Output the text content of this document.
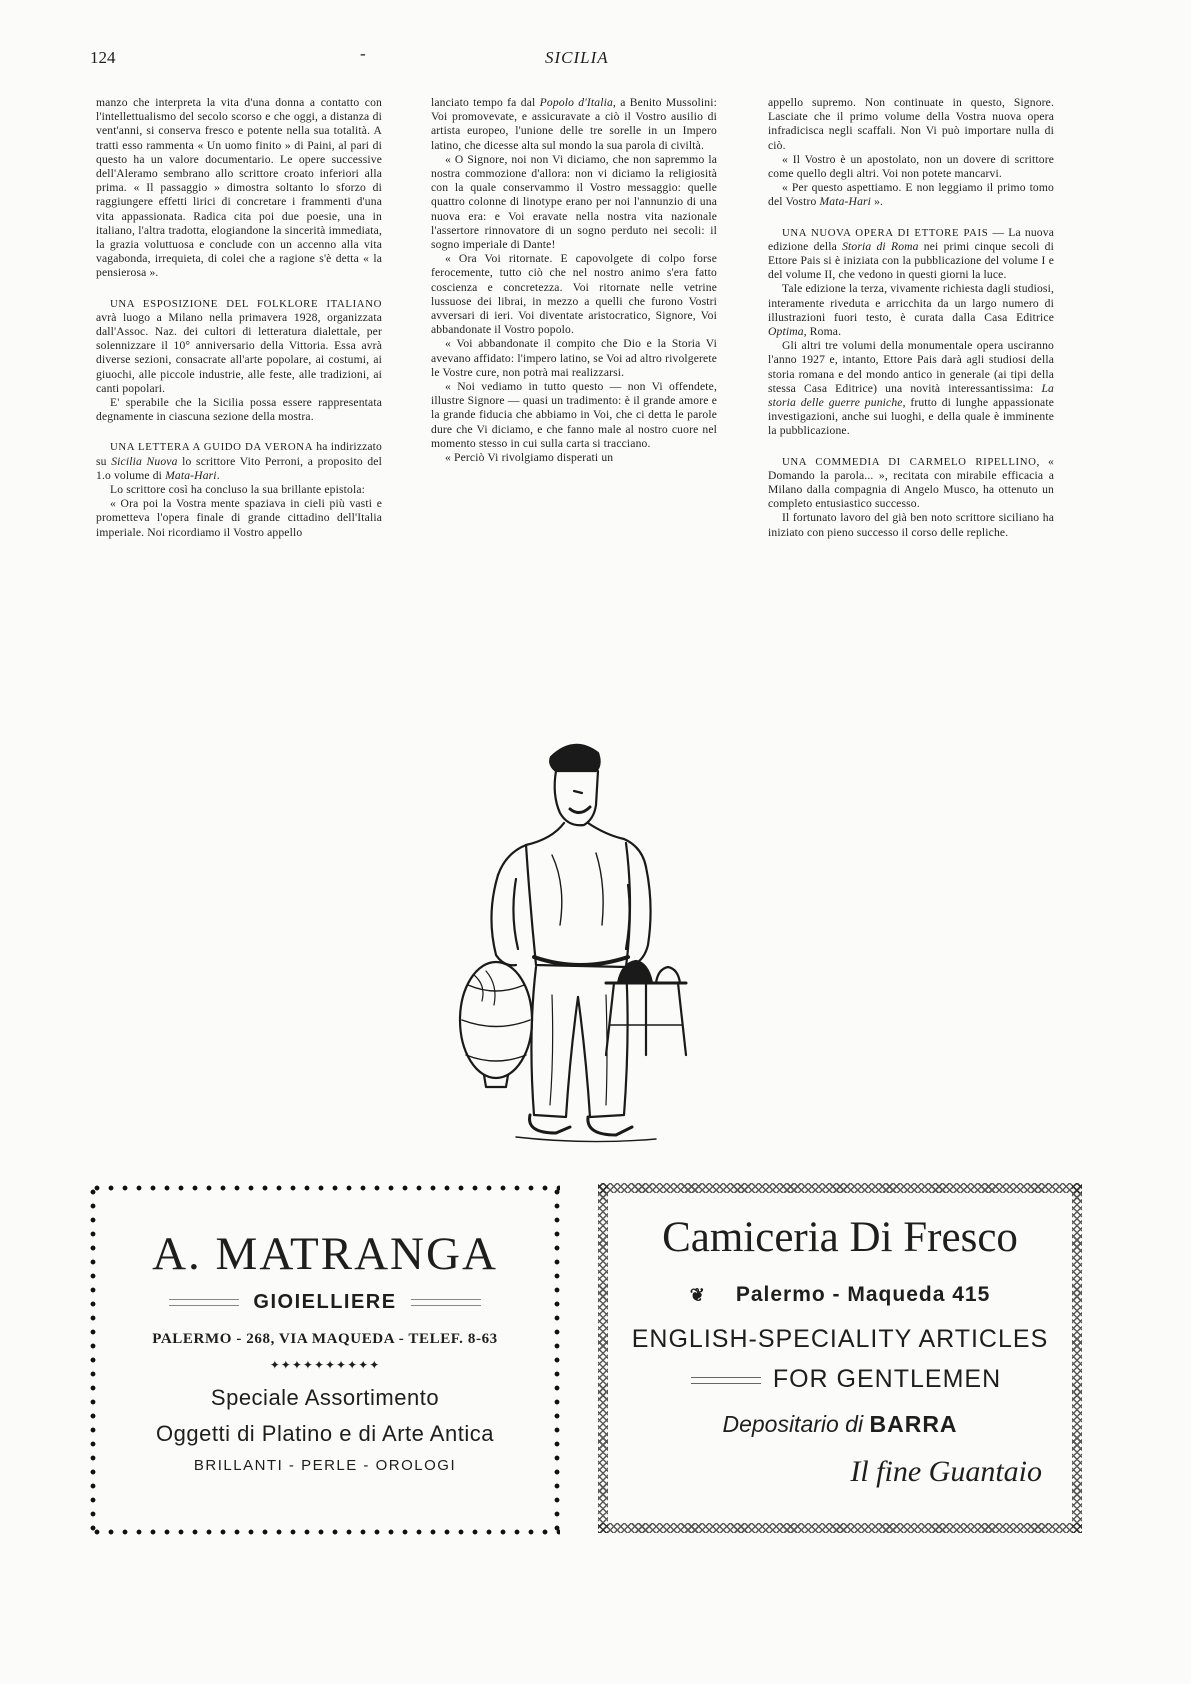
124	-	SICILIA

manzo che interpreta la vita d'una donna a contatto con l'intellettualismo del secolo scorso e che oggi, a distanza di vent'anni, si conserva fresco e potente nella sua totalità. A tratti esso rammenta « Un uomo finito » di Paini, al pari di questo ha un valore documentario. Le opere successive dell'Aleramo sembrano allo scrittore croato inferiori alla prima. « Il passaggio » dimostra soltanto lo sforzo di raggiungere effetti lirici di concretare i frammenti d'una vita appassionata. Radica cita poi due poesie, una in italiano, l'altra tradotta, elogiandone la sincerità immediata, la grazia voluttuosa e conclude con un accenno alla vita vagabonda, irrequieta, di colei che a ragione s'è detta « la pensierosa ».

UNA ESPOSIZIONE DEL FOLKLORE ITALIANO avrà luogo a Milano nella primavera 1928, organizzata dall'Assoc. Naz. dei cultori di letteratura dialettale, per solennizzare il 10° anniversario della Vittoria. Essa avrà diverse sezioni, consacrate all'arte popolare, ai costumi, ai giuochi, alle piccole industrie, alle feste, alle tradizioni, ai canti popolari.

E' sperabile che la Sicilia possa essere rappresentata degnamente in ciascuna sezione della mostra.

UNA LETTERA A GUIDO DA VERONA ha indirizzato su Sicilia Nuova lo scrittore Vito Perroni, a proposito del 1.o volume di Mata-Hari.

Lo scrittore così ha concluso la sua brillante epistola:

« Ora poi la Vostra mente spaziava in cieli più vasti e prometteva l'opera finale di grande cittadino dell'Italia imperiale. Noi ricordiamo il Vostro appello

lanciato tempo fa dal Popolo d'Italia, a Benito Mussolini: Voi promovevate, e assicuravate a ciò il Vostro ausilio di artista europeo, l'unione delle tre sorelle in un Impero latino, che dicesse alta sul mondo la sua parola di civiltà.

« O Signore, noi non Vi diciamo, che non sapremmo la nostra commozione d'allora: non vi diciamo la religiosità con la quale conservammo il Vostro messaggio: quelle quattro colonne di linotype erano per noi l'annunzio di una nuova era: e Voi eravate nella nostra vita nazionale l'assertore rinnovatore di un sogno perduto nei secoli: il sogno imperiale di Dante!

« Ora Voi ritornate. E capovolgete di colpo forse ferocemente, tutto ciò che nel nostro animo s'era fatto coscienza e concretezza. Voi ritornate nelle vetrine lussuose dei librai, in mezzo a quelli che furono Vostri avversari di ieri. Voi diventate aristocratico, Signore, Voi abbandonate il Vostro popolo.

« Voi abbandonate il compito che Dio e la Storia Vi avevano affidato: l'impero latino, se Voi ad altro rivolgerete le Vostre cure, non potrà mai realizzarsi.

« Noi vediamo in tutto questo — non Vi offendete, illustre Signore — quasi un tradimento: è il grande amore e la grande fiducia che abbiamo in Voi, che ci detta le parole dure che Vi diciamo, e che fanno male al nostro cuore nel momento stesso in cui sulla carta si tracciano.

« Perciò Vi rivolgiamo disperati un

appello supremo. Non continuate in questo, Signore. Lasciate che il primo volume della Vostra nuova opera infradicisca negli scaffali. Non Vi può importare nulla di ciò.

« Il Vostro è un apostolato, non un dovere di scrittore come quello degli altri. Voi non potete mancarvi.

« Per questo aspettiamo. E non leggiamo il primo tomo del Vostro Mata-Hari ».

UNA NUOVA OPERA DI ETTORE PAIS — La nuova edizione della Storia di Roma nei primi cinque secoli di Ettore Pais si è iniziata con la pubblicazione del volume I e del volume II, che vedono in questi giorni la luce.

Tale edizione la terza, vivamente richiesta dagli studiosi, interamente riveduta e arricchita da un largo numero di illustrazioni fuori testo, è curata dalla Casa Editrice Optima, Roma.

Gli altri tre volumi della monumentale opera usciranno l'anno 1927 e, intanto, Ettore Pais darà agli studiosi della storia romana e del mondo antico in generale (ai tipi della stessa Casa Editrice) una novità interessantissima: La storia delle guerre puniche, frutto di lunghe appassionate investigazioni, anche sui luoghi, e della quale è imminente la pubblicazione.

UNA COMMEDIA DI CARMELO RIPELLINO, « Domando la parola... », recitata con mirabile efficacia a Milano dalla compagnia di Angelo Musco, ha ottenuto un completo entusiastico successo.

Il fortunato lavoro del già ben noto scrittore siciliano ha iniziato con pieno successo il corso delle repliche.

A. MATRANGA
GIOIELLIERE
PALERMO - 268, VIA MAQUEDA - TELEF. 8-63
✦✦✦✦✦✦✦✦✦✦
Speciale Assortimento
Oggetti di Platino e di Arte Antica
BRILLANTI - PERLE - OROLOGI
Camiceria Di Fresco
❦ Palermo - Maqueda 415
ENGLISH-SPECIALITY ARTICLES
FOR GENTLEMEN
Depositario di BARRA
Il fine Guantaio
